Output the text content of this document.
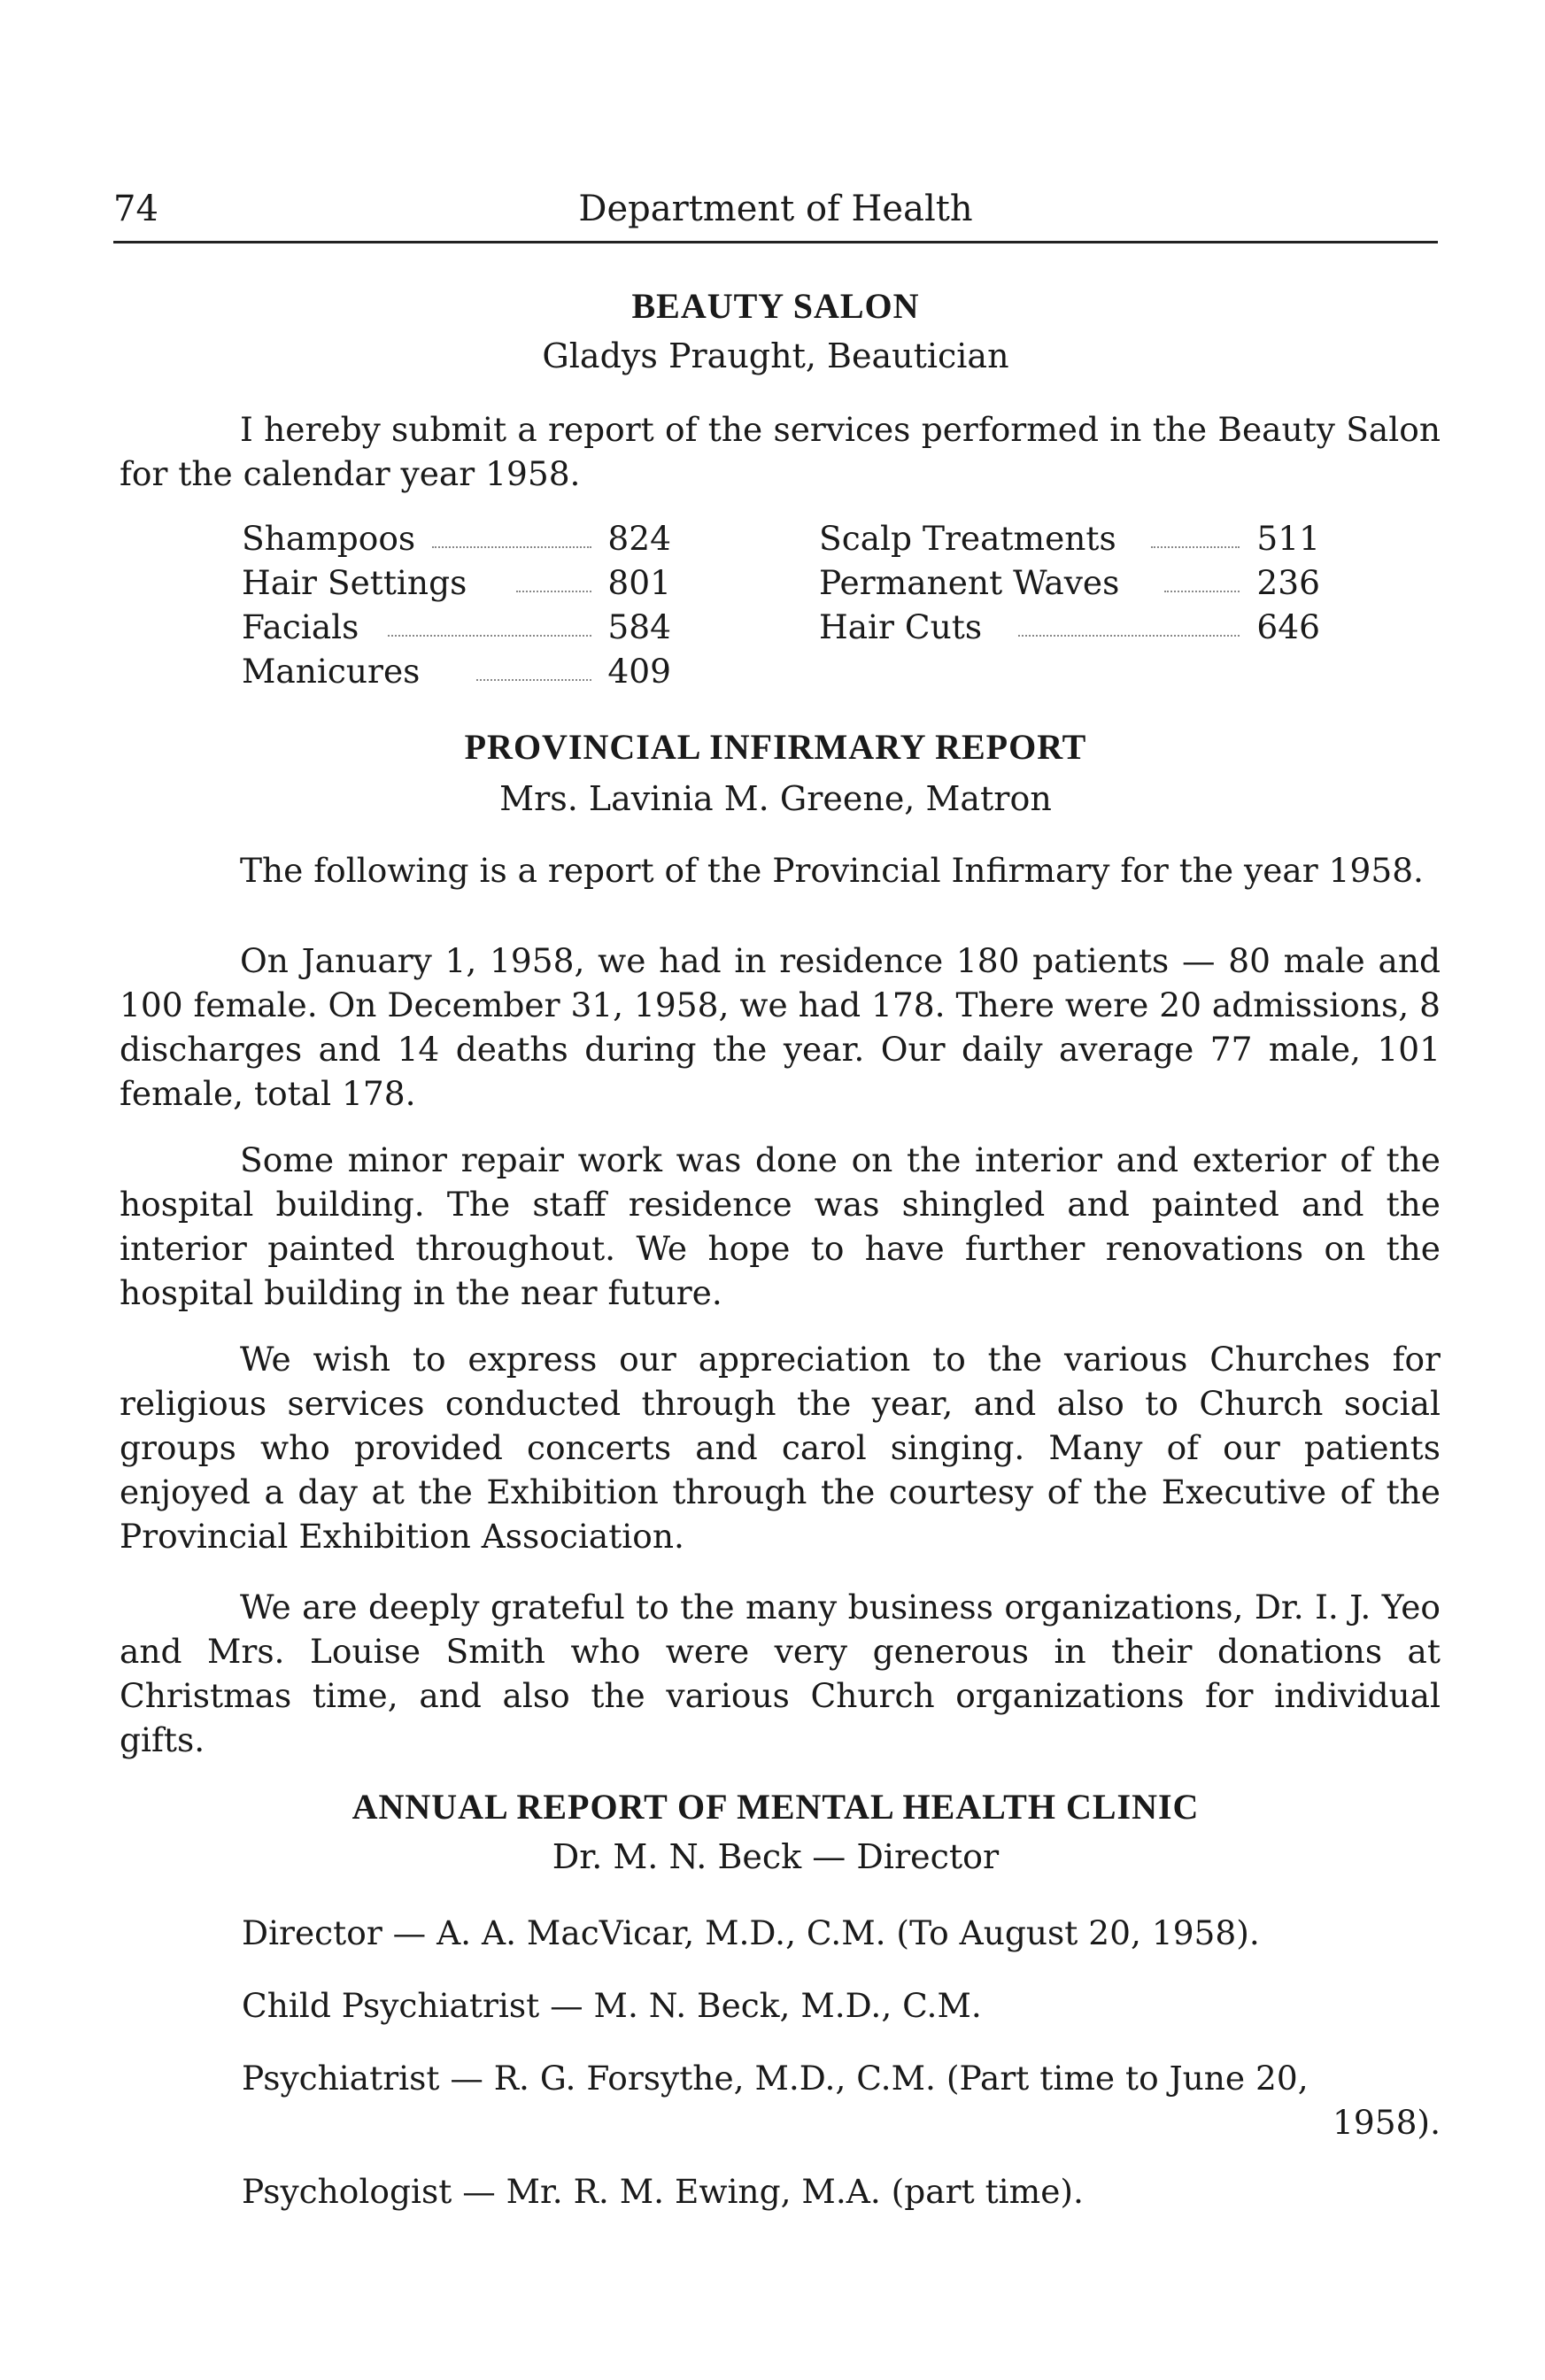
74	Department of Health
BEAUTY SALON
Gladys Praught, Beautician

I hereby submit a report of the services performed in the Beauty Salon for the calendar year 1958.

Shampoos	824
Hair Settings	801
Facials	584
Manicures	409
Scalp Treatments	511
Permanent Waves	236
Hair Cuts	646
PROVINCIAL INFIRMARY REPORT
Mrs. Lavinia M. Greene, Matron

The following is a report of the Provincial Infirmary for the year 1958.

On January 1, 1958, we had in residence 180 patients — 80 male and 100 female. On December 31, 1958, we had 178. There were 20 admissions, 8 discharges and 14 deaths during the year. Our daily average 77 male, 101 female, total 178.

Some minor repair work was done on the interior and exterior of the hospital building. The staff residence was shingled and painted and the interior painted throughout. We hope to have further renovations on the hospital building in the near future.

We wish to express our appreciation to the various Churches for religious services conducted through the year, and also to Church social groups who provided concerts and carol singing. Many of our patients enjoyed a day at the Exhibition through the courtesy of the Executive of the Provincial Exhibition Association.

We are deeply grateful to the many business organizations, Dr. I. J. Yeo and Mrs. Louise Smith who were very generous in their donations at Christmas time, and also the various Church organizations for individual gifts.

ANNUAL REPORT OF MENTAL HEALTH CLINIC
Dr. M. N. Beck — Director
Director — A. A. MacVicar, M.D., C.M. (To August 20, 1958).
Child Psychiatrist — M. N. Beck, M.D., C.M.
Psychiatrist — R. G. Forsythe, M.D., C.M. (Part time to June 20,
1958).
Psychologist — Mr. R. M. Ewing, M.A. (part time).
